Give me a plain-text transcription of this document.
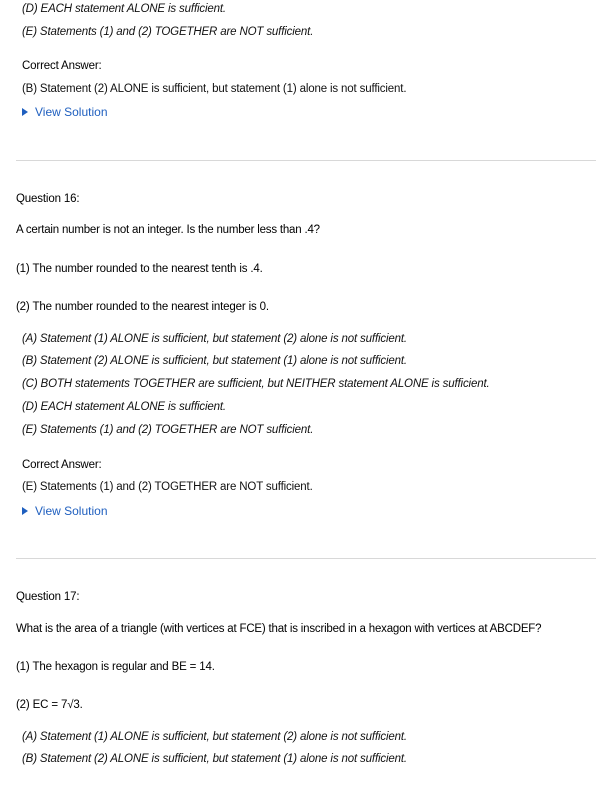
(D) EACH statement ALONE is sufficient.
(E) Statements (1) and (2) TOGETHER are NOT sufficient.
Correct Answer:
(B) Statement (2) ALONE is sufficient, but statement (1) alone is not sufficient.
View Solution
Question 16:
A certain number is not an integer. Is the number less than .4?
(1) The number rounded to the nearest tenth is .4.
(2) The number rounded to the nearest integer is 0.
(A) Statement (1) ALONE is sufficient, but statement (2) alone is not sufficient.
(B) Statement (2) ALONE is sufficient, but statement (1) alone is not sufficient.
(C) BOTH statements TOGETHER are sufficient, but NEITHER statement ALONE is sufficient.
(D) EACH statement ALONE is sufficient.
(E) Statements (1) and (2) TOGETHER are NOT sufficient.
Correct Answer:
(E) Statements (1) and (2) TOGETHER are NOT sufficient.
View Solution
Question 17:
What is the area of a triangle (with vertices at FCE) that is inscribed in a hexagon with vertices at ABCDEF?
(1) The hexagon is regular and BE = 14.
(2) EC = 7√3.
(A) Statement (1) ALONE is sufficient, but statement (2) alone is not sufficient.
(B) Statement (2) ALONE is sufficient, but statement (1) alone is not sufficient.
